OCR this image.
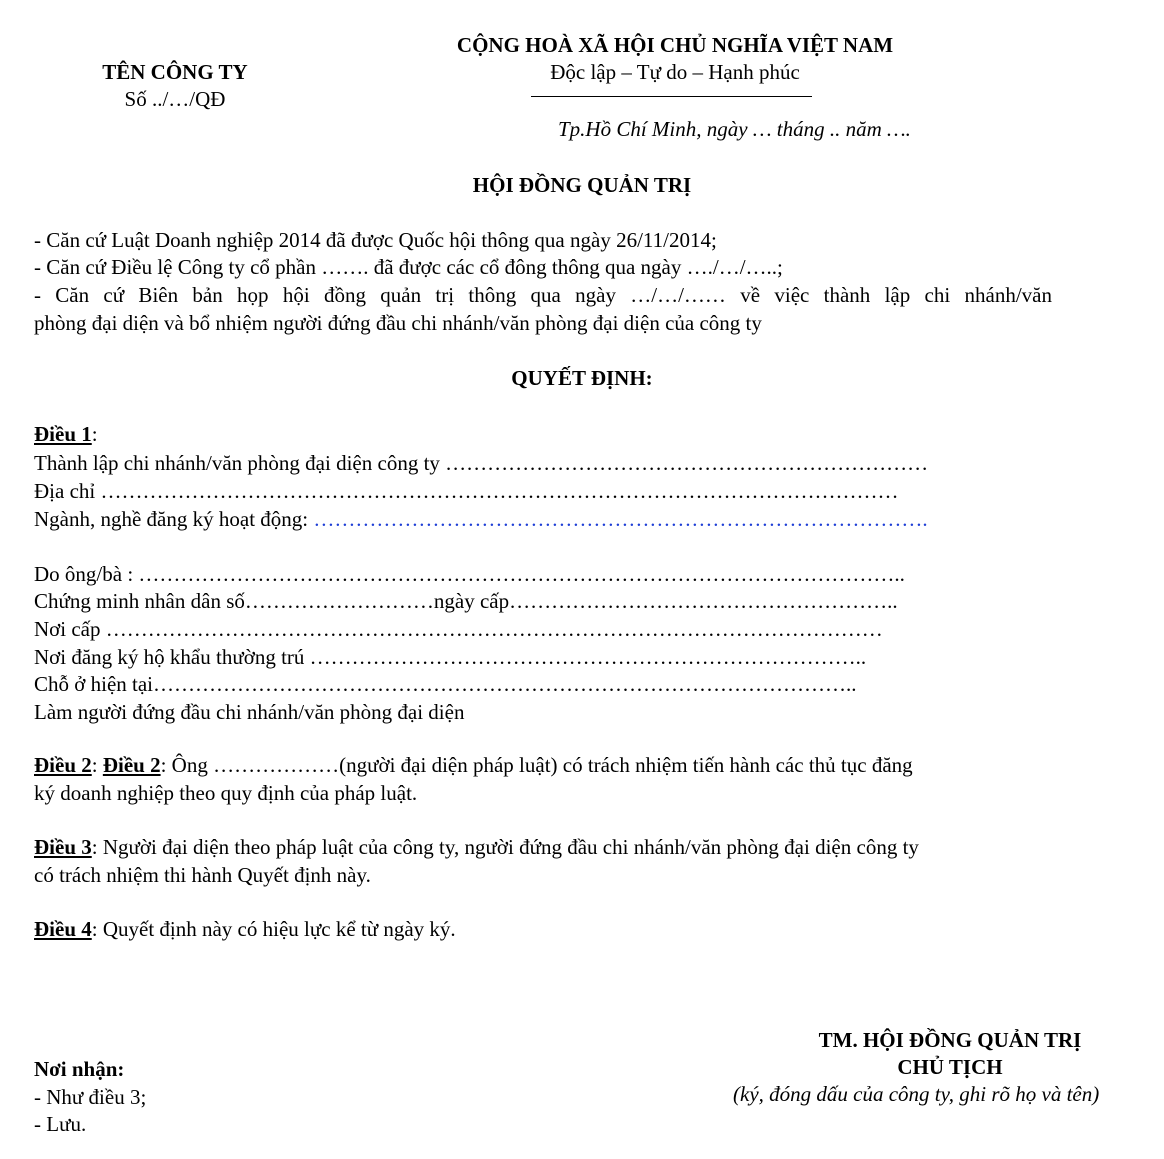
TÊN CÔNG TY
Số ../…/QĐ
CỘNG HOÀ XÃ HỘI CHỦ NGHĨA VIỆT NAM
Độc lập – Tự do – Hạnh phúc
Tp.Hồ Chí Minh, ngày … tháng .. năm ….
HỘI ĐỒNG QUẢN TRỊ
- Căn cứ Luật Doanh nghiệp 2014 đã được Quốc hội thông qua ngày 26/11/2014;
- Căn cứ Điều lệ Công ty cổ phần ……. đã được các cổ đông thông qua ngày …./…/…..;
- Căn cứ Biên bản họp hội đồng quản trị thông qua ngày …/…/…… về việc thành lập chi nhánh/văn
phòng đại diện và bổ nhiệm người đứng đầu chi nhánh/văn phòng đại diện của công ty
QUYẾT ĐỊNH:
Điều 1:
Thành lập chi nhánh/văn phòng đại diện công ty ……………………………………………………………
Địa chỉ ……………………………………………………………………………………………………
Ngành, nghề đăng ký hoạt động: …………………………………………………………………………….
Do ông/bà : ………………………………………………………………………………………………..
Chứng minh nhân dân số………………………ngày cấp………………………………………………..
Nơi cấp …………………………………………………………………………………………………
Nơi đăng ký hộ khẩu thường trú ……………………………………………………………………..
Chỗ ở hiện tại………………………………………………………………………………………..
Làm người đứng đầu chi nhánh/văn phòng đại diện
Điều 2: Điều 2: Ông ………………(người đại diện pháp luật) có trách nhiệm tiến hành các thủ tục đăng
ký doanh nghiệp theo quy định của pháp luật.
Điều 3: Người đại diện theo pháp luật của công ty, người đứng đầu chi nhánh/văn phòng đại diện công ty
có trách nhiệm thi hành Quyết định này.
Điều 4: Quyết định này có hiệu lực kể từ ngày ký.
TM. HỘI ĐỒNG QUẢN TRỊ
CHỦ TỊCH
(ký, đóng dấu của công ty, ghi rõ họ và tên)
Nơi nhận:
- Như điều 3;
- Lưu.
